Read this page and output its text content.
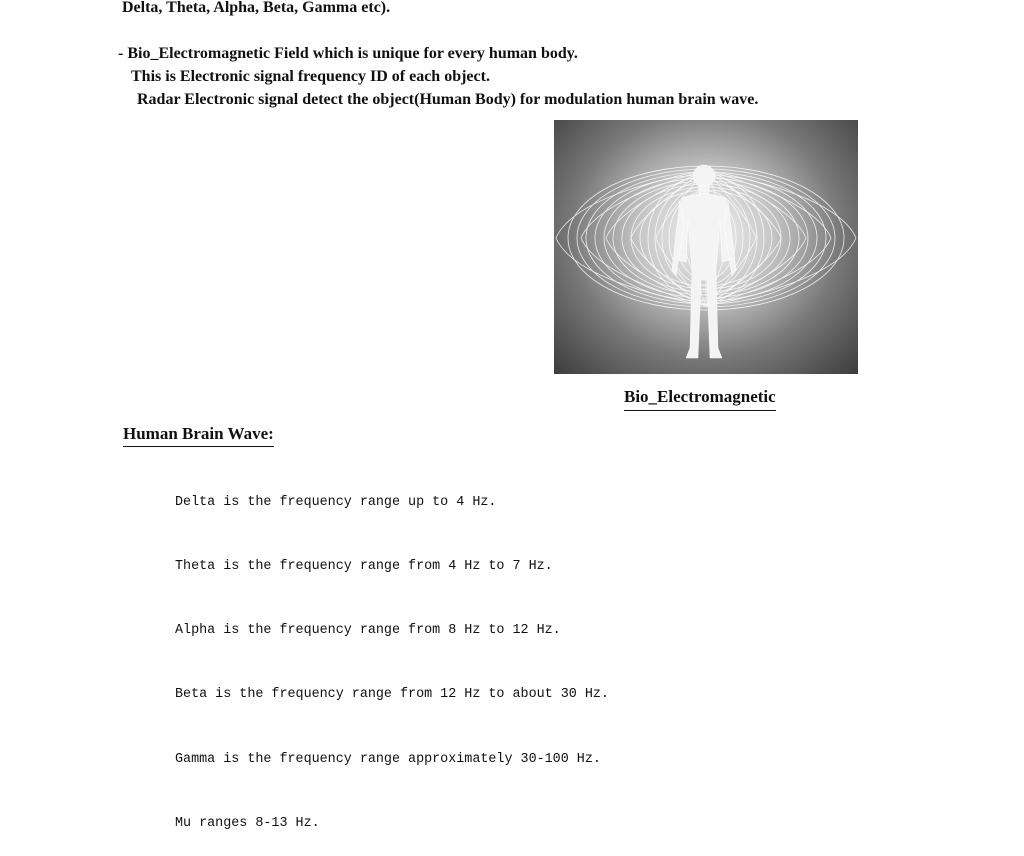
Delta, Theta, Alpha, Beta, Gamma etc).
- Bio_Electromagnetic Field which is unique for every human body.
This is Electronic signal frequency ID of each object.
Radar Electronic signal detect the object(Human Body) for modulation human brain wave.
Bio_Electromagnetic
Human Brain Wave:

Delta is the frequency range up to 4 Hz.

Theta is the frequency range from 4 Hz to 7 Hz.

Alpha is the frequency range from 8 Hz to 12 Hz.

Beta is the frequency range from 12 Hz to about 30 Hz.

Gamma is the frequency range approximately 30-100 Hz.

Mu ranges 8-13 Hz.
